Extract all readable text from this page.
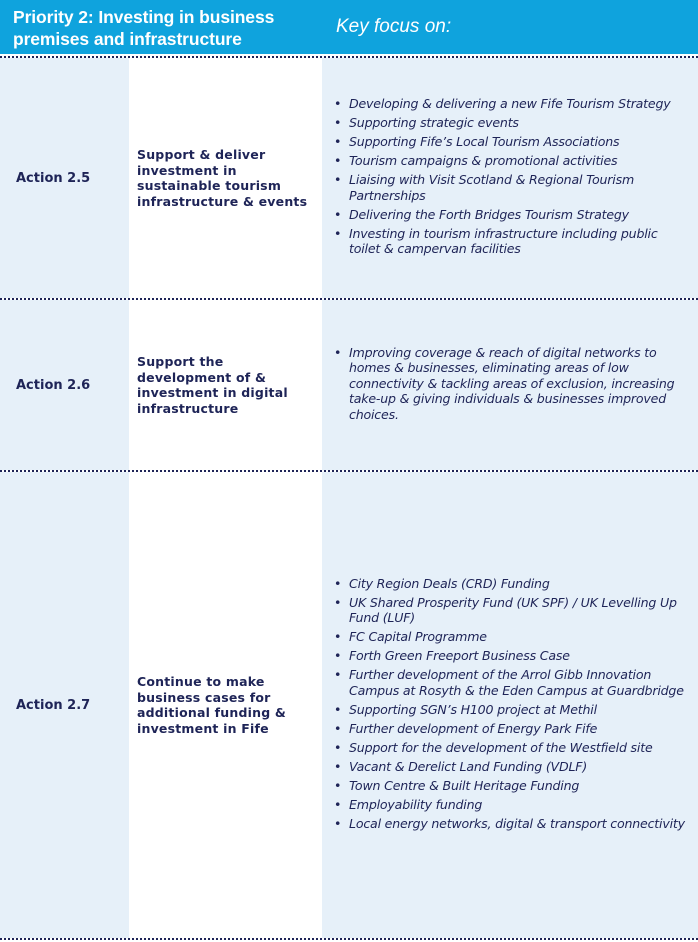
Priority 2: Investing in business premises and infrastructure
Key focus on:
Action 2.5
Support & deliver investment in sustainable tourism infrastructure & events
• Developing & delivering a new Fife Tourism Strategy
• Supporting strategic events
• Supporting Fife’s Local Tourism Associations
• Tourism campaigns & promotional activities
• Liaising with Visit Scotland & Regional Tourism Partnerships
• Delivering the Forth Bridges Tourism Strategy
• Investing in tourism infrastructure including public toilet & campervan facilities
Action 2.6
Support the development of & investment in digital infrastructure
• Improving coverage & reach of digital networks to homes & businesses, eliminating areas of low connectivity & tackling areas of exclusion, increasing take-up & giving individuals & businesses improved choices.
Action 2.7
Continue to make business cases for additional funding & investment in Fife
• City Region Deals (CRD) Funding
• UK Shared Prosperity Fund (UK SPF) / UK Levelling Up Fund (LUF)
• FC Capital Programme
• Forth Green Freeport Business Case
• Further development of the Arrol Gibb Innovation Campus at Rosyth & the Eden Campus at Guardbridge
• Supporting SGN’s H100 project at Methil
• Further development of Energy Park Fife
• Support for the development of the Westfield site
• Vacant & Derelict Land Funding (VDLF)
• Town Centre & Built Heritage Funding
• Employability funding
• Local energy networks, digital & transport connectivity
